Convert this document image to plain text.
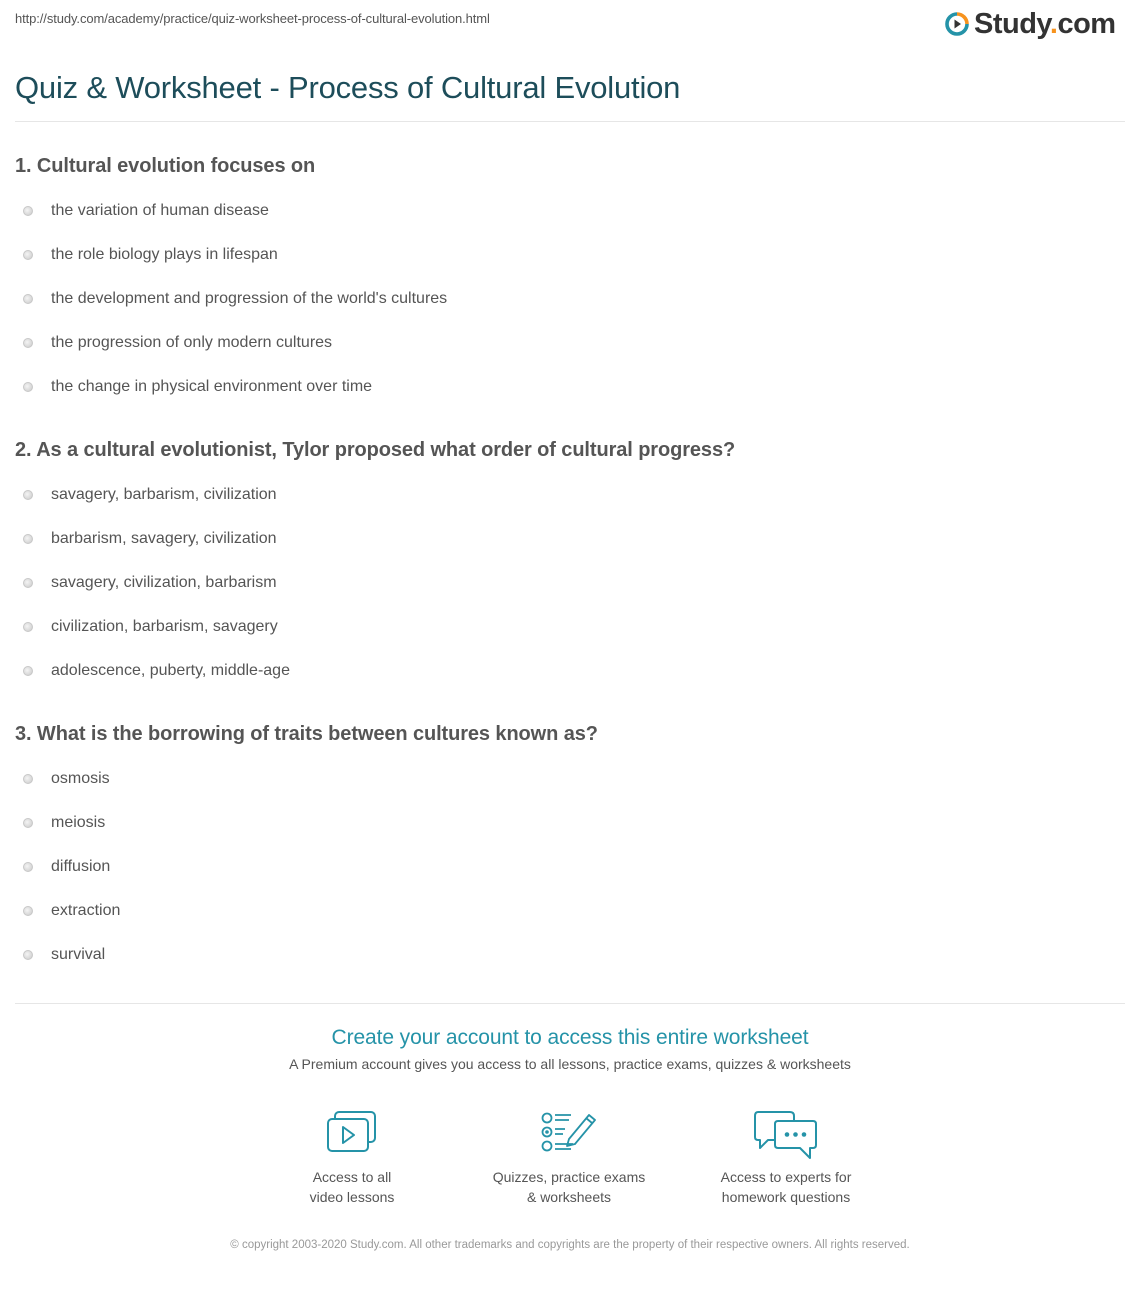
http://study.com/academy/practice/quiz-worksheet-process-of-cultural-evolution.html	Study.com
Quiz & Worksheet - Process of Cultural Evolution
1. Cultural evolution focuses on
the variation of human disease
the role biology plays in lifespan
the development and progression of the world's cultures
the progression of only modern cultures
the change in physical environment over time
2. As a cultural evolutionist, Tylor proposed what order of cultural progress?
savagery, barbarism, civilization
barbarism, savagery, civilization
savagery, civilization, barbarism
civilization, barbarism, savagery
adolescence, puberty, middle-age
3. What is the borrowing of traits between cultures known as?
osmosis
meiosis
diffusion
extraction
survival
Create your account to access this entire worksheet
A Premium account gives you access to all lessons, practice exams, quizzes & worksheets
Access to all
video lessons
Quizzes, practice exams
& worksheets
Access to experts for
homework questions
© copyright 2003-2020 Study.com. All other trademarks and copyrights are the property of their respective owners. All rights reserved.
